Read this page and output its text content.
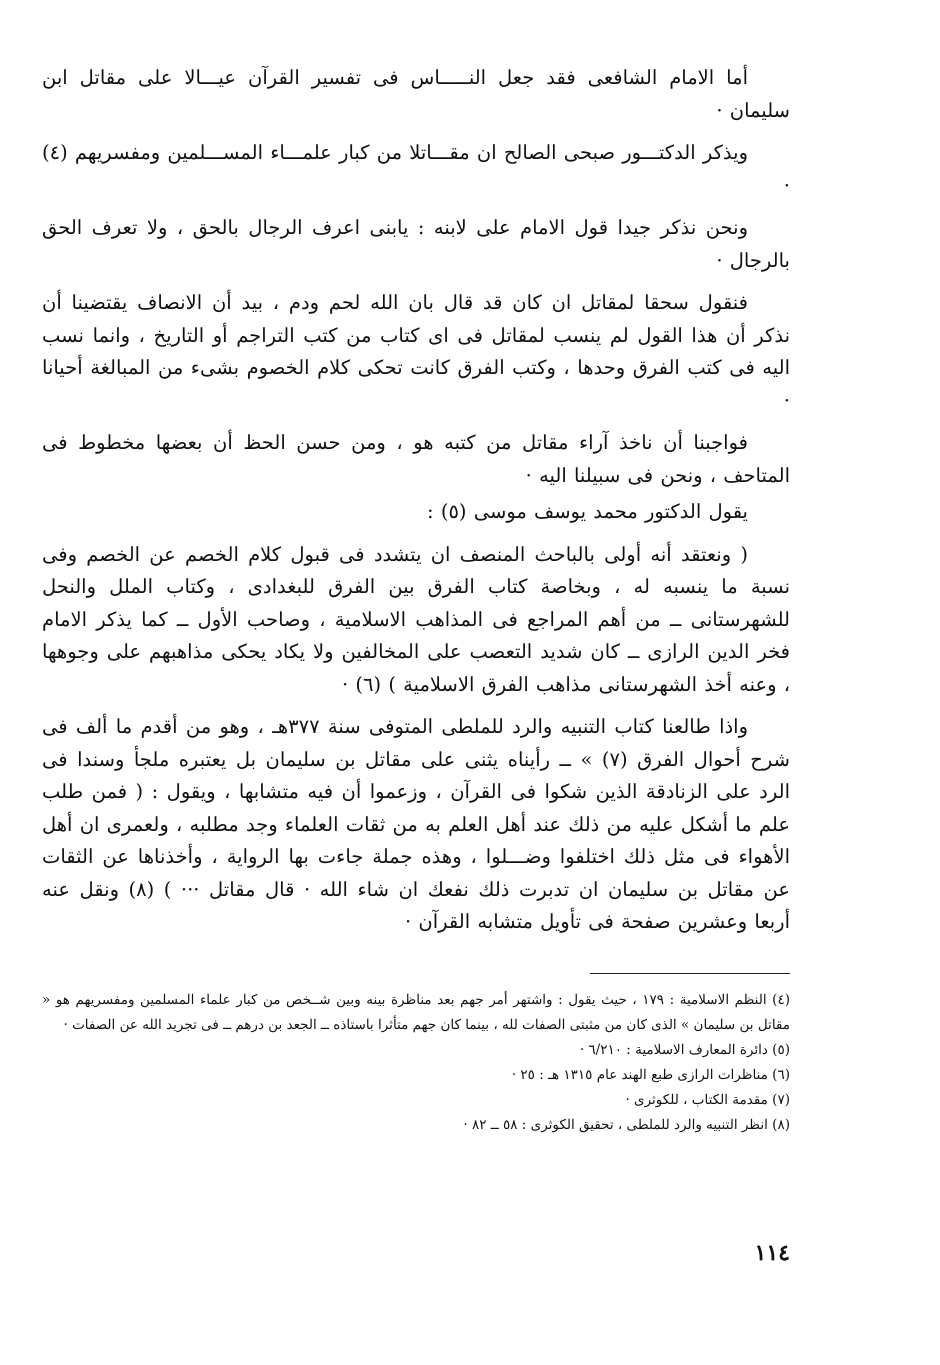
أما الامام الشافعى فقد جعل النـــــاس فى تفسير القرآن عيـــالا على مقاتل ابن سليمان ·

ويذكر الدكتـــور صبحى الصالح ان مقـــاتلا من كبار علمـــاء المســـلمين ومفسريهم (٤) ·

ونحن نذكر جيدا قول الامام على لابنه : يابنى اعرف الرجال بالحق ، ولا تعرف الحق بالرجال ·

فنقول سحقا لمقاتل ان كان قد قال بان الله لحم ودم ، بيد أن الانصاف يقتضينا أن نذكر أن هذا القول لم ينسب لمقاتل فى اى كتاب من كتب التراجم أو التاريخ ، وانما نسب اليه فى كتب الفرق وحدها ، وكتب الفرق كانت تحكى كلام الخصوم بشىء من المبالغة أحيانا ·

فواجبنا أن ناخذ آراء مقاتل من كتبه هو ، ومن حسن الحظ أن بعضها مخطوط فى المتاحف ، ونحن فى سبيلنا اليه ·

يقول الدكتور محمد يوسف موسى (٥) :

( ونعتقد أنه أولى بالباحث المنصف ان يتشدد فى قبول كلام الخصم عن الخصم وفى نسبة ما ينسبه له ، وبخاصة كتاب الفرق بين الفرق للبغدادى ، وكتاب الملل والنحل للشهرستانى ــ من أهم المراجع فى المذاهب الاسلامية ، وصاحب الأول ــ كما يذكر الامام فخر الدين الرازى ــ كان شديد التعصب على المخالفين ولا يكاد يحكى مذاهبهم على وجوهها ، وعنه أخذ الشهرستانى مذاهب الفرق الاسلامية ) (٦) ·

واذا طالعنا كتاب التنبيه والرد للملطى المتوفى سنة ٣٧٧هـ ، وهو من أقدم ما ألف فى شرح أحوال الفرق (٧) » ــ رأيناه يثنى على مقاتل بن سليمان بل يعتبره ملجأ وسندا فى الرد على الزنادقة الذين شكوا فى القرآن ، وزعموا أن فيه متشابها ، ويقول : ( فمن طلب علم ما أشكل عليه من ذلك عند أهل العلم به من ثقات العلماء وجد مطلبه ، ولعمرى ان أهل الأهواء فى مثل ذلك اختلفوا وضـــلوا ، وهذه جملة جاءت بها الرواية ، وأخذناها عن الثقات عن مقاتل بن سليمان ان تدبرت ذلك نفعك ان شاء الله · قال مقاتل ··· ) (٨) ونقل عنه أربعا وعشرين صفحة فى تأويل متشابه القرآن ·

(٤) النظم الاسلامية : ١٧٩ ، حيث يقول : واشتهر أمر جهم بعد مناظرة بينه وبين شــخص من كبار علماء المسلمين ومفسريهم هو « مقاتل بن سليمان » الذى كان من مثبتى الصفات لله ، بينما كان جهم متأثرا باستاذه ــ الجعد بن درهم ــ فى تجريد الله عن الصفات ·

(٥) دائرة المعارف الاسلامية : ٦/٢١٠ ·

(٦) مناظرات الرازى طبع الهند عام ١٣١٥ هـ : ٢٥ ·

(٧) مقدمة الكتاب ، للكوثرى ·

(٨) انظر التنبيه والرد للملطى ، تحقيق الكوثرى : ٥٨ ــ ٨٢ ·

١١٤
